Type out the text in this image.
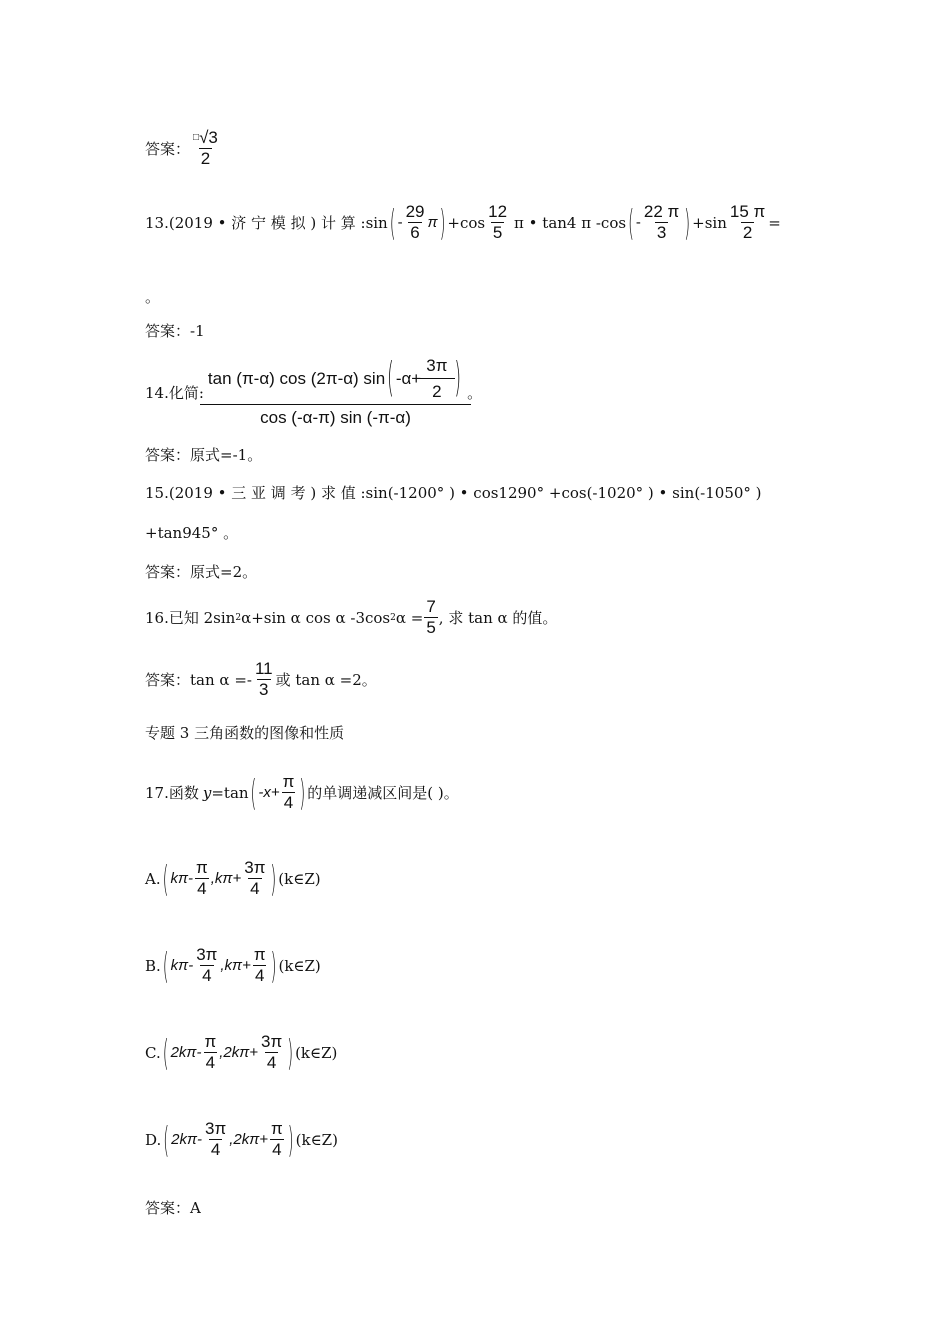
答案： $\frac{^□√3}{2}$
13. (2019 • 济 宁 模 拟 ) 计 算 : sin ( - $\frac{29}{6}$ π ) $+\cos \frac{12}{5}$ π • tan4 π -cos ( - $\frac{22 \pi}{3}$ ) $+\sin \frac{15 \pi}{2}$ =
。
答案： -1
14.化简:
tan (π-α) cos (2π-α) sin ( $-\alpha+ \frac{3\pi}{2}$ )
cos (-α-π) sin (-π-α)
。
答案： 原式=-1。
15.(2019 • 三 亚 调 考 ) 求 值 :sin(-1200° ) • cos1290° +cos(-1020° ) • sin(-1050° )
+tan945° 。
答案： 原式=2。
16.已知 2sin 2 α+sin α cos α -3cos 2 $\alpha = \frac{7}{5}$ , 求 tan α 的值。
答案： $\tan \alpha =- \frac{11}{3}$ 或 tan α =2。
专题 3 三角函数的图像和性质
17.函数 y =tan ( $-x+ \frac{\pi}{4}$ ) 的单调递减区间是( )。
A. ( $k\pi- \frac{\pi}{4} ,k\pi+ \frac{3\pi}{4}$ ) (k∈Z)
B. ( $k\pi- \frac{3\pi}{4} ,k\pi+ \frac{\pi}{4}$ ) (k∈Z)
C. ( $2k\pi- \frac{\pi}{4} ,2k\pi+ \frac{3\pi}{4}$ ) (k∈Z)
D. ( $2k\pi- \frac{3\pi}{4} ,2k\pi+ \frac{\pi}{4}$ ) (k∈Z)
答案： A
